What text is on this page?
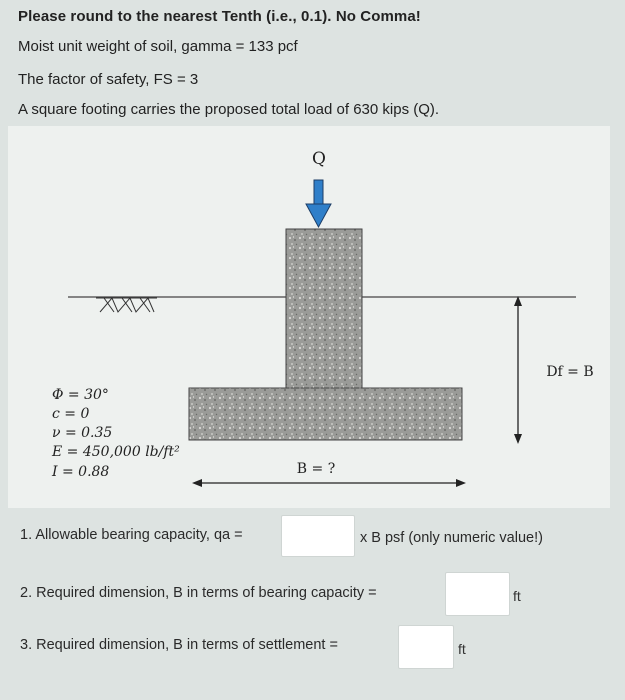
Please round to the nearest Tenth (i.e., 0.1). No Comma!
Moist unit weight of soil, gamma = 133 pcf
The factor of safety, FS = 3
A square footing carries the proposed total load of 630 kips (Q).
Q
Df = B
B = ?
Φ = 30°
c = 0
ν = 0.35
E = 450,000 lb/ft²
I = 0.88
1. Allowable bearing capacity, qa =	x B psf (only numeric value!)
2. Required dimension, B in terms of bearing capacity =	ft
3. Required dimension, B in terms of settlement =	ft
